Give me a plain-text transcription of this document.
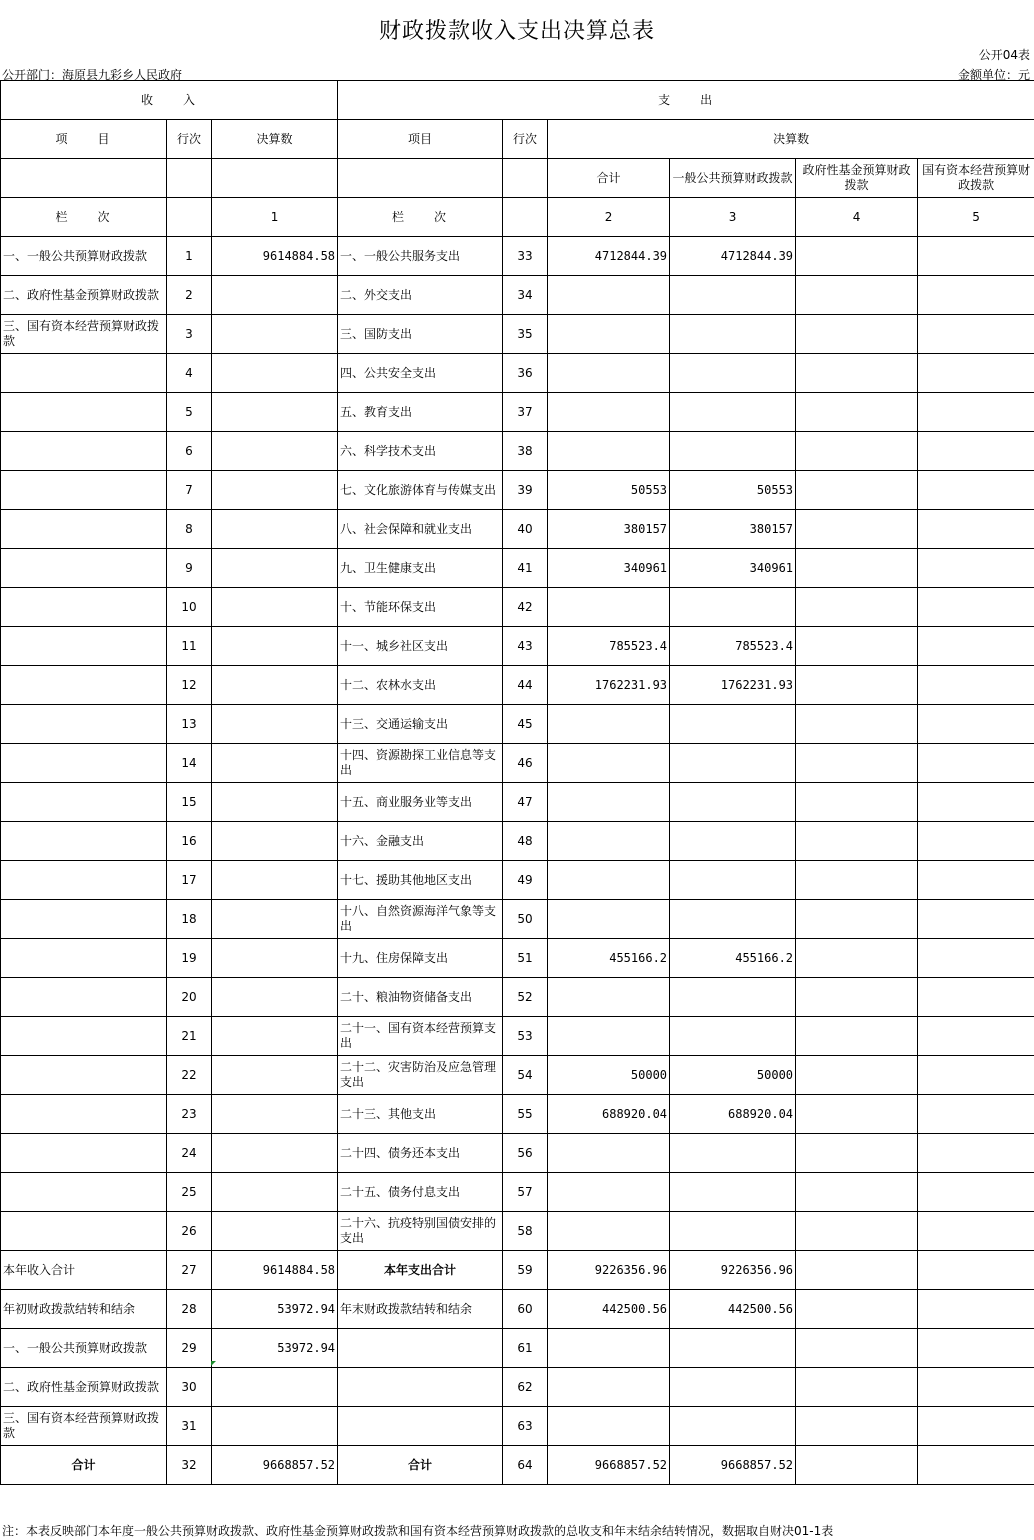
财政拨款收入支出决算总表
公开04表
公开部门：海原县九彩乡人民政府	金额单位：元
收　　入			支　　出					
项　　目	行次	决算数	项目	行次	决算数			
					合计	一般公共预算财政拨款	政府性基金预算财政拨款	国有资本经营预算财政拨款
栏　　次		1	栏　　次		2	3	4	5
一、一般公共预算财政拨款	1	9614884.58	一、一般公共服务支出	33	4712844.39	4712844.39		
二、政府性基金预算财政拨款	2		二、外交支出	34				
三、国有资本经营预算财政拨款	3		三、国防支出	35				
	4		四、公共安全支出	36				
	5		五、教育支出	37				
	6		六、科学技术支出	38				
	7		七、文化旅游体育与传媒支出	39	50553	50553		
	8		八、社会保障和就业支出	40	380157	380157		
	9		九、卫生健康支出	41	340961	340961		
	10		十、节能环保支出	42				
	11		十一、城乡社区支出	43	785523.4	785523.4		
	12		十二、农林水支出	44	1762231.93	1762231.93		
	13		十三、交通运输支出	45				
	14		十四、资源勘探工业信息等支出	46				
	15		十五、商业服务业等支出	47				
	16		十六、金融支出	48				
	17		十七、援助其他地区支出	49				
	18		十八、自然资源海洋气象等支出	50				
	19		十九、住房保障支出	51	455166.2	455166.2		
	20		二十、粮油物资储备支出	52				
	21		二十一、国有资本经营预算支出	53				
	22		二十二、灾害防治及应急管理支出	54	50000	50000		
	23		二十三、其他支出	55	688920.04	688920.04		
	24		二十四、债务还本支出	56				
	25		二十五、债务付息支出	57				
	26		二十六、抗疫特别国债安排的支出	58				
本年收入合计	27	9614884.58	本年支出合计	59	9226356.96	9226356.96		
年初财政拨款结转和结余	28	53972.94	年末财政拨款结转和结余	60	442500.56	442500.56		
一、一般公共预算财政拨款	29	53972.94		61				
二、政府性基金预算财政拨款	30			62				
三、国有资本经营预算财政拨款	31			63				
合计	32	9668857.52	合计	64	9668857.52	9668857.52		
注：本表反映部门本年度一般公共预算财政拨款、政府性基金预算财政拨款和国有资本经营预算财政拨款的总收支和年末结余结转情况，数据取自财决01-1表
